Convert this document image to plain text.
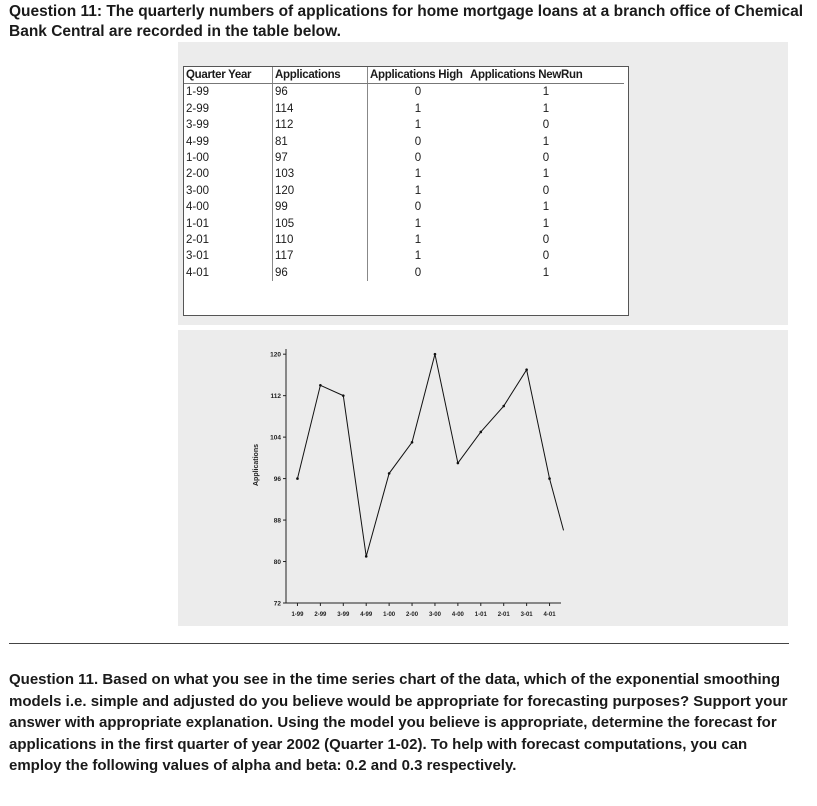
Question 11: The quarterly numbers of applications for home mortgage loans at a branch office of Chemical Bank Central are recorded in the table below.
Quarter Year	Applications	Applications High	Applications NewRun
1-99	96	0	1
2-99	114	1	1
3-99	112	1	0
4-99	81	0	1
1-00	97	0	0
2-00	103	1	1
3-00	120	1	0
4-00	99	0	1
1-01	105	1	1
2-01	110	1	0
3-01	117	1	0
4-01	96	0	1
Applications
72
80
88
96
104
112
120
1-99 2-99 3-99 4-99 1-00 2-00 3-00 4-00 1-01 2-01 3-01 4-01
Question 11. Based on what you see in the time series chart of the data, which of the exponential smoothing models i.e. simple and adjusted do you believe would be appropriate for forecasting purposes? Support your answer with appropriate explanation. Using the model you believe is appropriate, determine the forecast for applications in the first quarter of year 2002 (Quarter 1-02). To help with forecast computations, you can employ the following values of alpha and beta: 0.2 and 0.3 respectively.
